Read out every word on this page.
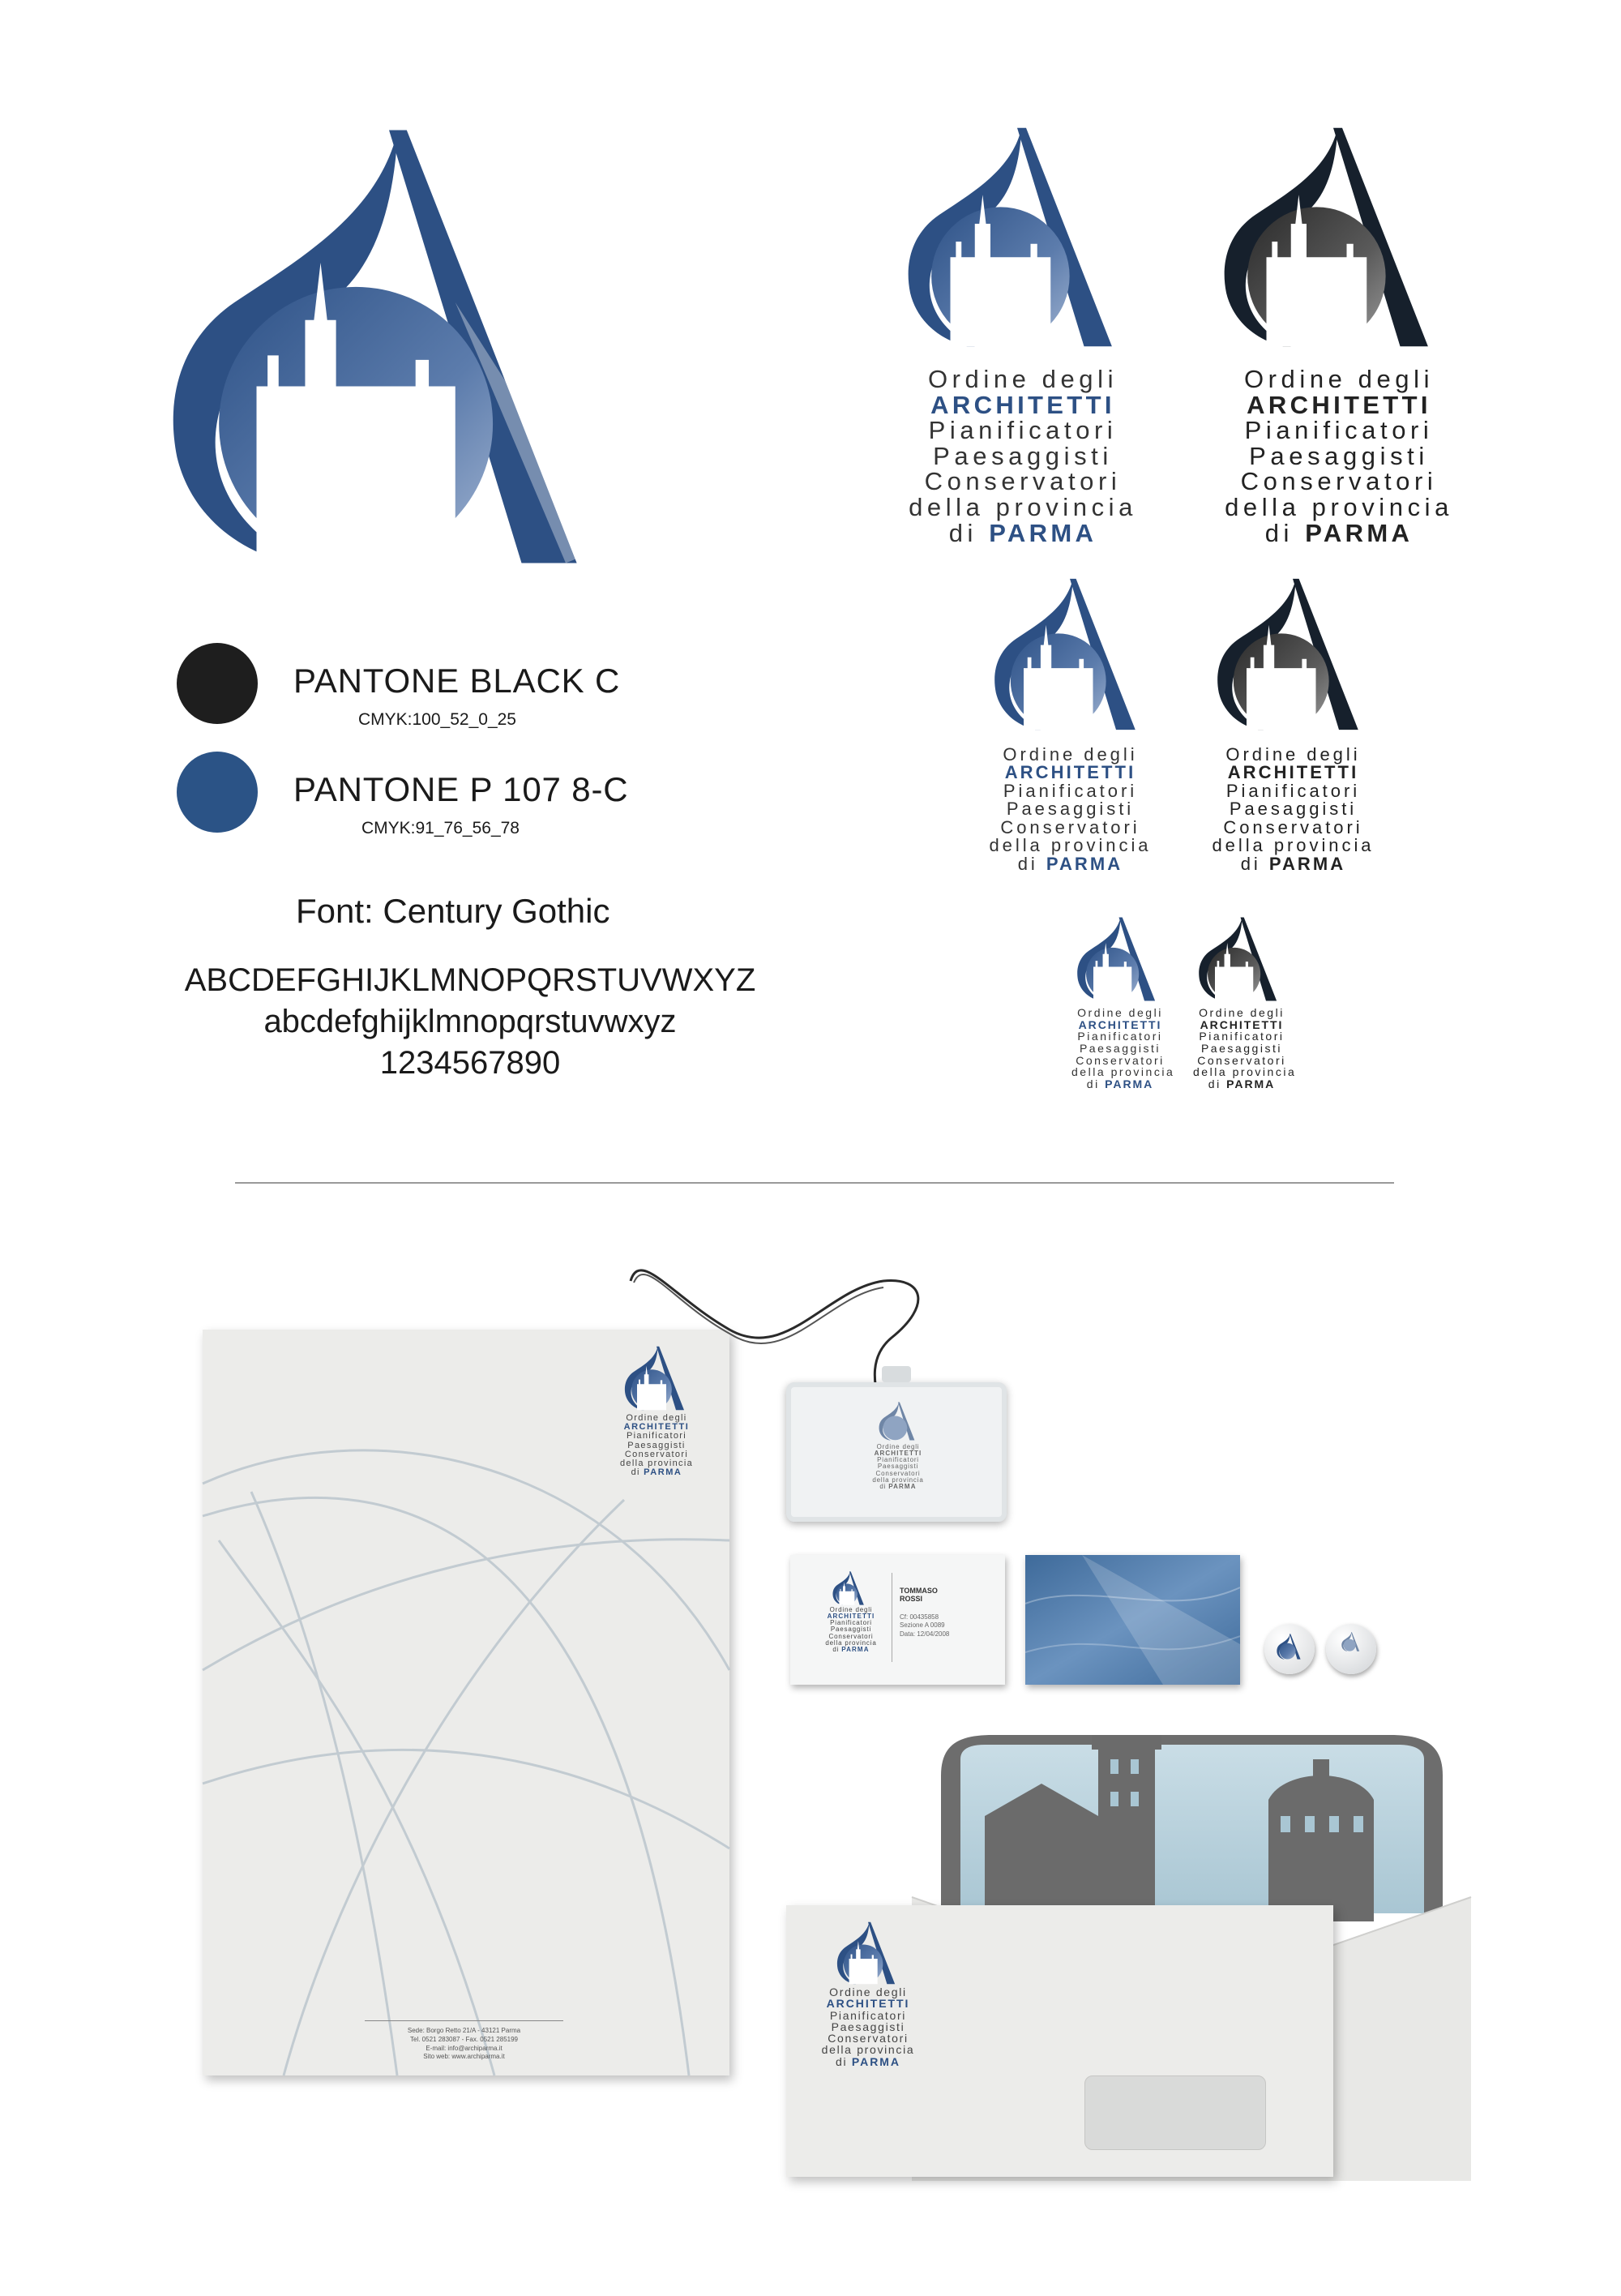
PANTONE BLACK C
CMYK:100_52_0_25
PANTONE P 107 8-C
CMYK:91_76_56_78
Font: Century Gothic
ABCDEFGHIJKLMNOPQRSTUVWXYZ
abcdefghijklmnopqrstuvwxyz
1234567890
Ordine degli
ARCHITETTI
Pianificatori
Paesaggisti
Conservatori
della provincia
di PARMA
Ordine degli
ARCHITETTI
Pianificatori
Paesaggisti
Conservatori
della provincia
di PARMA
Ordine degli
ARCHITETTI
Pianificatori
Paesaggisti
Conservatori
della provincia
di PARMA
Ordine degli
ARCHITETTI
Pianificatori
Paesaggisti
Conservatori
della provincia
di PARMA
Ordine degli
ARCHITETTI
Pianificatori
Paesaggisti
Conservatori
della provincia
di PARMA
Ordine degli
ARCHITETTI
Pianificatori
Paesaggisti
Conservatori
della provincia
di PARMA
Ordine degli
ARCHITETTI
Pianificatori
Paesaggisti
Conservatori
della provincia
di PARMA
Sede: Borgo Retto 21/A - 43121 Parma
Tel. 0521 283087 - Fax. 0521 285199
E-mail: info@archiparma.it
Sito web: www.archiparma.it
Ordine degli
ARCHITETTI
Pianificatori
Paesaggisti
Conservatori
della provincia
di PARMA
Ordine degli
ARCHITETTI
Pianificatori
Paesaggisti
Conservatori
della provincia
di PARMA
TOMMASO
ROSSI
Cf: 00435858
Sezione A 0089
Data: 12/04/2008
Ordine degli
ARCHITETTI
Pianificatori
Paesaggisti
Conservatori
della provincia
di PARMA
